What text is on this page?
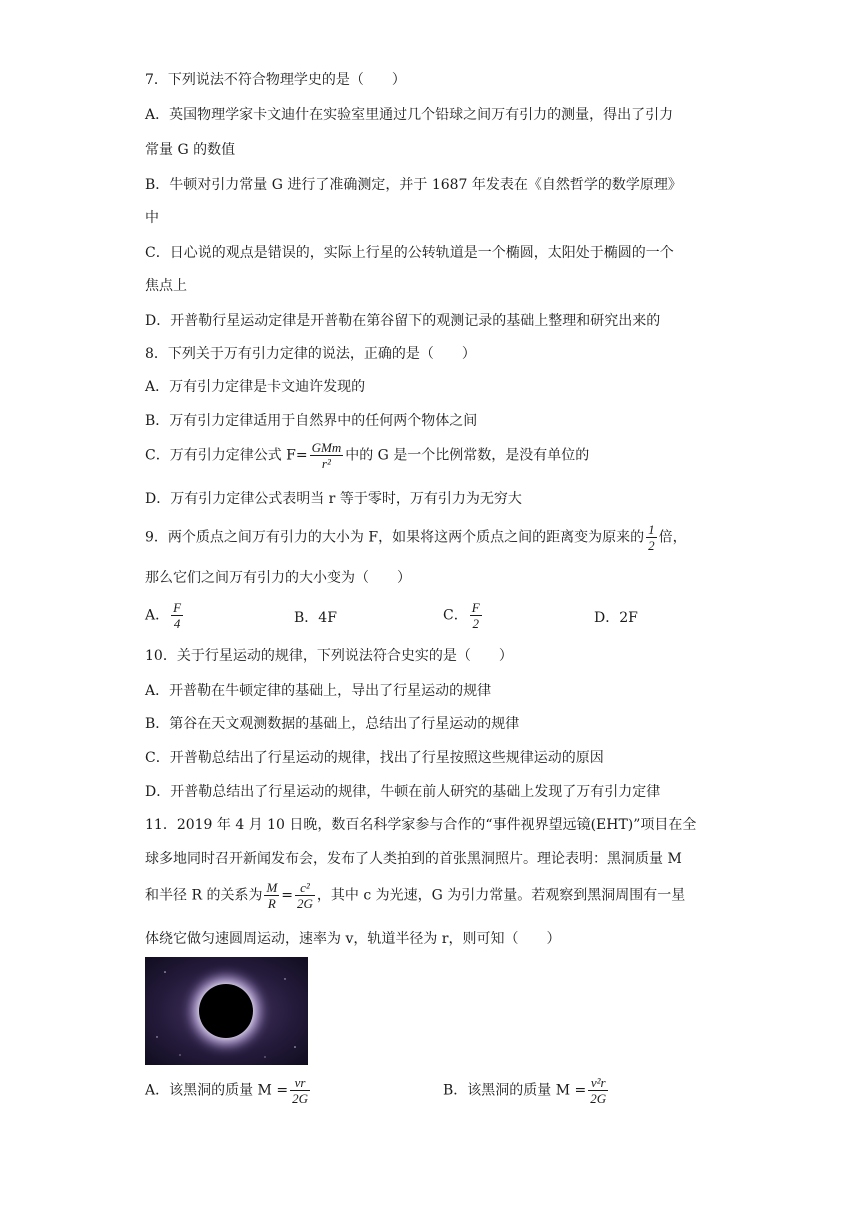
7．下列说法不符合物理学史的是（　　）
A．英国物理学家卡文迪什在实验室里通过几个铅球之间万有引力的测量，得出了引力
常量 G 的数值
B．牛顿对引力常量 G 进行了准确测定，并于 1687 年发表在《自然哲学的数学原理》
中
C．日心说的观点是错误的，实际上行星的公转轨道是一个椭圆，太阳处于椭圆的一个
焦点上
D．开普勒行星运动定律是开普勒在第谷留下的观测记录的基础上整理和研究出来的
8．下列关于万有引力定律的说法，正确的是（　　）
A．万有引力定律是卡文迪许发现的
B．万有引力定律适用于自然界中的任何两个物体之间
C．万有引力定律公式 $F= \frac{\text{GMm}}{\text{r²}}$ 中的 G 是一个比例常数，是没有单位的
D．万有引力定律公式表明当 r 等于零时，万有引力为无穷大
9．两个质点之间万有引力的大小为 F，如果将这两个质点之间的距离变为原来的 $\frac{1}{2}$ 倍，
那么它们之间万有引力的大小变为（　　）
A． $\frac{F}{4}$	B．4F	C． $\frac{F}{2}$	D．2F
10．关于行星运动的规律，下列说法符合史实的是（　　）
A．开普勒在牛顿定律的基础上，导出了行星运动的规律
B．第谷在天文观测数据的基础上，总结出了行星运动的规律
C．开普勒总结出了行星运动的规律，找出了行星按照这些规律运动的原因
D．开普勒总结出了行星运动的规律，牛顿在前人研究的基础上发现了万有引力定律
11．2019 年 4 月 10 日晚，数百名科学家参与合作的“事件视界望远镜(EHT)”项目在全
球多地同时召开新闻发布会，发布了人类拍到的首张黑洞照片。理论表明：黑洞质量 M
和半径 R 的关系为 $\frac{M}{R} = \frac{\text{c²}}{2G}$ ，其中 c 为光速，G 为引力常量。若观察到黑洞周围有一星
体绕它做匀速圆周运动，速率为 v，轨道半径为 r，则可知（　　）
A．该黑洞的质量 $M = \frac{vr}{2G}$	B．该黑洞的质量 $M = \frac{\text{v²r}}{2G}$
